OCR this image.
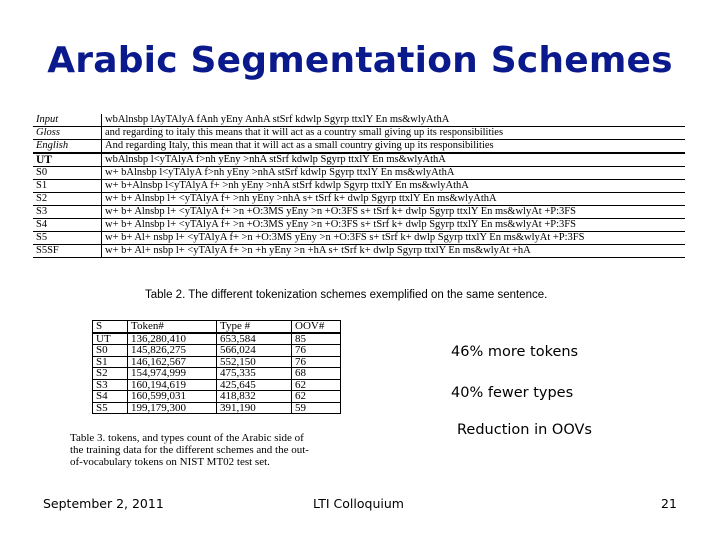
Arabic Segmentation Schemes
Input	wbAlnsbp lAyTAlyA fAnh yEny AnhA stSrf kdwlp Sgyrp ttxlY En ms&wlyAthA
Gloss	and regarding to italy this means that it will act as a country small giving up its responsibilities
English	And regarding Italy, this mean that it will act as a small country giving up its responsibilities
UT	wbAlnsbp l<yTAlyA f>nh yEny >nhA stSrf kdwlp Sgyrp ttxlY En ms&wlyAthA
S0	w+ bAlnsbp l<yTAlyA f>nh yEny >nhA stSrf kdwlp Sgyrp ttxlY En ms&wlyAthA
S1	w+ b+Alnsbp l<yTAlyA f+ >nh yEny >nhA stSrf kdwlp Sgyrp ttxlY En ms&wlyAthA
S2	w+ b+ Alnsbp l+ <yTAlyA f+ >nh yEny >nhA s+ tSrf k+ dwlp Sgyrp ttxlY En ms&wlyAthA
S3	w+ b+ Alnsbp l+ <yTAlyA f+ >n +O:3MS yEny >n +O:3FS s+ tSrf k+ dwlp Sgyrp ttxlY En ms&wlyAt +P:3FS
S4	w+ b+ Alnsbp l+ <yTAlyA f+ >n +O:3MS yEny >n +O:3FS s+ tSrf k+ dwlp Sgyrp ttxlY En ms&wlyAt +P:3FS
S5	w+ b+ Al+ nsbp l+ <yTAlyA f+ >n +O:3MS yEny >n +O:3FS s+ tSrf k+ dwlp Sgyrp ttxlY En ms&wlyAt +P:3FS
S5SF	w+ b+ Al+ nsbp l+ <yTAlyA f+ >n +h yEny >n +hA s+ tSrf k+ dwlp Sgyrp ttxlY En ms&wlyAt +hA
Table 2. The different tokenization schemes exemplified on the same sentence.
S	Token#	Type #	OOV#
UT	136,280,410	653,584	85
S0	145,826,275	566,024	76
S1	146,162,567	552,150	76
S2	154,974,999	475,335	68
S3	160,194,619	425,645	62
S4	160,599,031	418,832	62
S5	199,179,300	391,190	59
Table 3. tokens, and types count of the Arabic side of
the training data for the different schemes and the out-
of-vocabulary tokens on NIST MT02 test set.
46% more tokens
40% fewer types
Reduction in OOVs
September 2, 2011	LTI Colloquium	21
